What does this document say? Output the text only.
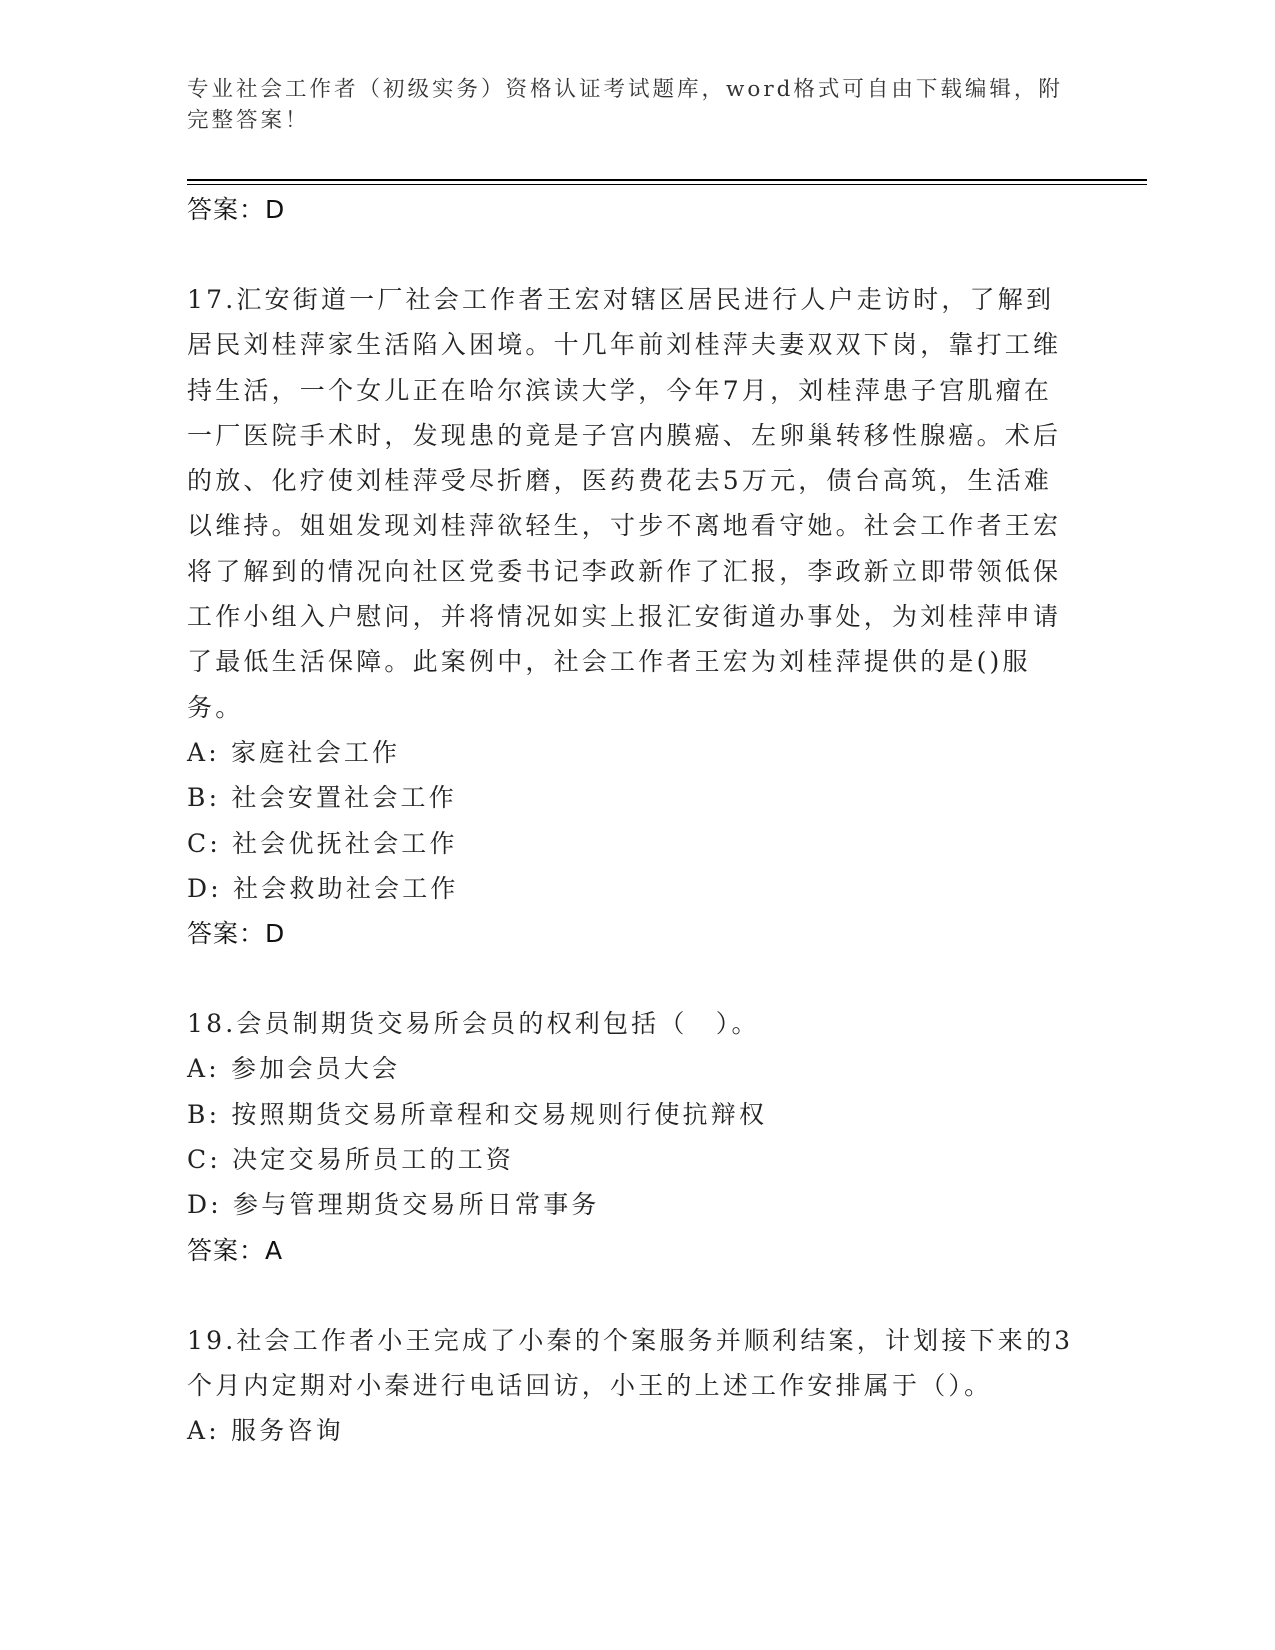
专业社会工作者（初级实务）资格认证考试题库，word格式可自由下载编辑，附完整答案！

答案：D

17.汇安街道一厂社会工作者王宏对辖区居民进行人户走访时，了解到居民刘桂萍家生活陷入困境。十几年前刘桂萍夫妻双双下岗，靠打工维持生活，一个女儿正在哈尔滨读大学，今年7月，刘桂萍患子宫肌瘤在一厂医院手术时，发现患的竟是子宫内膜癌、左卵巢转移性腺癌。术后的放、化疗使刘桂萍受尽折磨，医药费花去5万元，债台高筑，生活难以维持。姐姐发现刘桂萍欲轻生，寸步不离地看守她。社会工作者王宏将了解到的情况向社区党委书记李政新作了汇报，李政新立即带领低保工作小组入户慰问，并将情况如实上报汇安街道办事处，为刘桂萍申请了最低生活保障。此案例中，社会工作者王宏为刘桂萍提供的是()服务。

A: 家庭社会工作
B: 社会安置社会工作
C: 社会优抚社会工作
D: 社会救助社会工作

答案：D

18.会员制期货交易所会员的权利包括（　）。

A: 参加会员大会
B: 按照期货交易所章程和交易规则行使抗辩权
C: 决定交易所员工的工资
D: 参与管理期货交易所日常事务

答案：A

19.社会工作者小王完成了小秦的个案服务并顺利结案，计划接下来的3个月内定期对小秦进行电话回访，小王的上述工作安排属于（）。

A: 服务咨询
